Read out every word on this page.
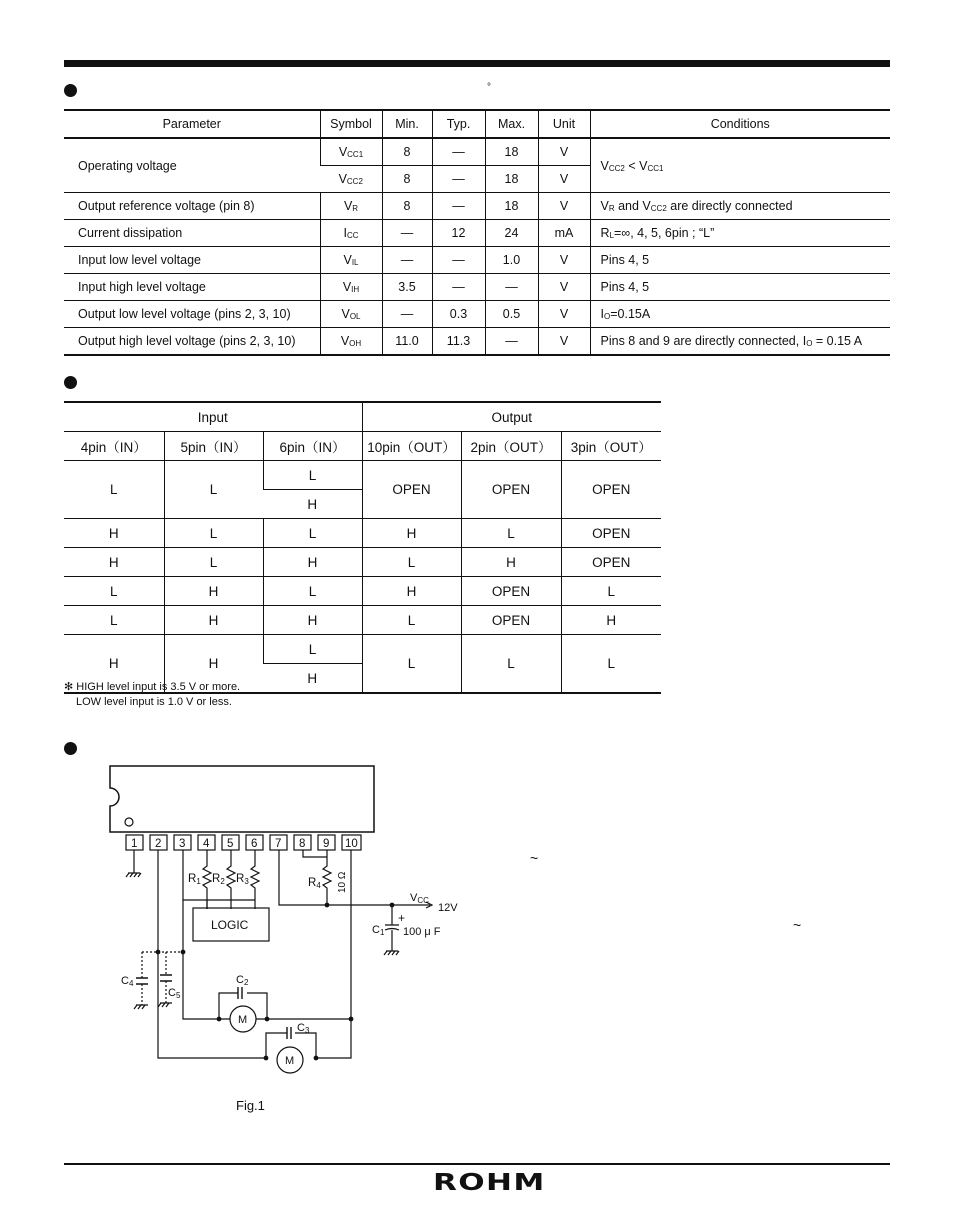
°
Parameter	Symbol	Min.	Typ.	Max.	Unit	Conditions
Operating voltage	$V_{CC1}$	8	—	18	V	$V_{CC2} < V_{CC1}$
	$V_{CC2}$	8	—	18	V	
Output reference voltage (pin 8)	$V_R$	8	—	18	V	$V_R$ and $V_{CC2}$ are directly connected
Current dissipation	$I_{CC}$	—	12	24	mA	$R_L=\infty$, 4, 5, 6pin ; “L”
Input low level voltage	$V_{IL}$	—	—	1.0	V	Pins 4, 5
Input high level voltage	$V_{IH}$	3.5	—	—	V	Pins 4, 5
Output low level voltage (pins 2, 3, 10)	$V_{OL}$	—	0.3	0.5	V	$I_O=0.15A$
Output high level voltage (pins 2, 3, 10)	$V_{OH}$	11.0	11.3	—	V	Pins 8 and 9 are directly connected, $I_O = 0.15$ A
Input			Output		
4pin（IN）	5pin（IN）	6pin（IN）	10pin（OUT）	2pin（OUT）	3pin（OUT）
L	L	L	OPEN	OPEN	OPEN
		H			
H	L	L	H	L	OPEN
H	L	H	L	H	OPEN
L	H	L	H	OPEN	L
L	H	H	L	OPEN	H
H	H	L	L	L	L
		H			
✻ HIGH level input is 3.5 V or more.
LOW level input is 1.0 V or less.
~
~
1 2 3 4 5 6 7 8 9 10
R1 R2 R3	R4 10 Ω
VCC
12V
+
C1 100 μ F
LOGIC
C2
C3
C4
C5
M
M
Fig.1
ROHM
